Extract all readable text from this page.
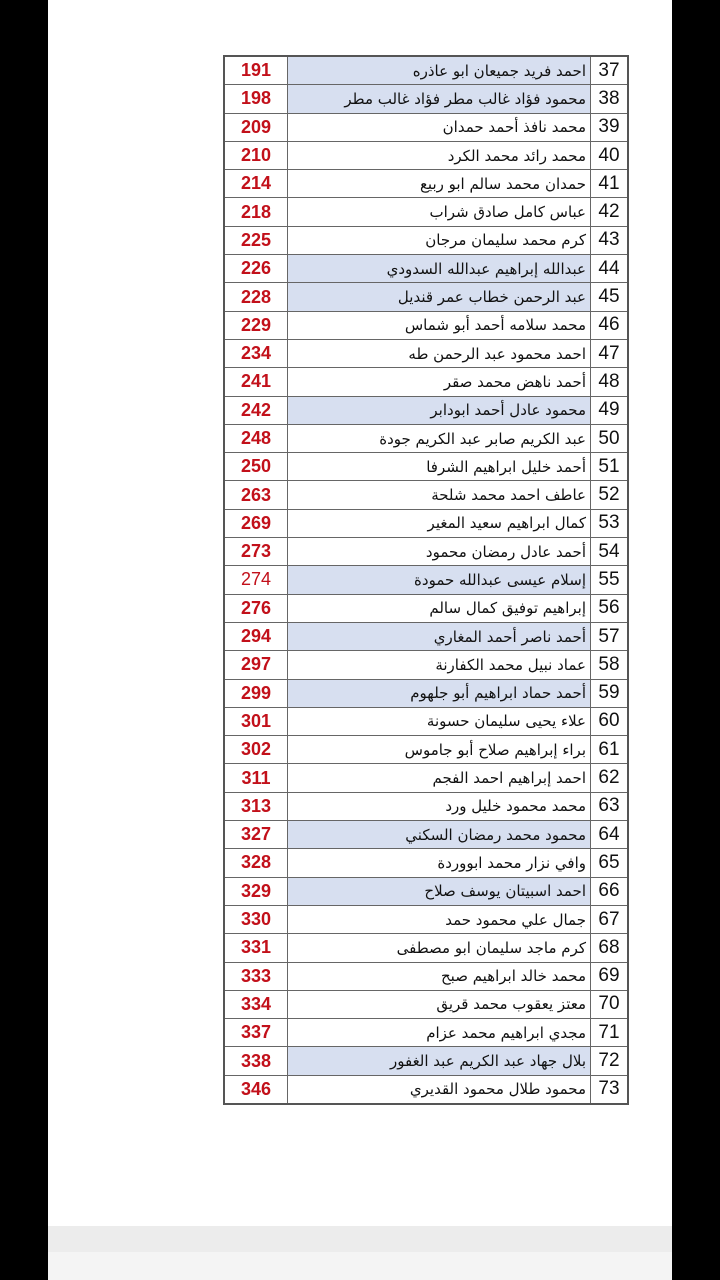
191	احمد فريد جميعان ابو عاذره	37
198	محمود فؤاد غالب مطر فؤاد غالب مطر	38
209	محمد نافذ أحمد حمدان	39
210	محمد رائد محمد الكرد	40
214	حمدان محمد سالم ابو ربيع	41
218	عباس كامل صادق شراب	42
225	كرم محمد سليمان مرجان	43
226	عبدالله إبراهيم عبدالله السدودي	44
228	عبد الرحمن خطاب عمر قنديل	45
229	محمد سلامه أحمد أبو شماس	46
234	احمد محمود عبد الرحمن طه	47
241	أحمد ناهض محمد صقر	48
242	محمود عادل أحمد ابودابر	49
248	عبد الكريم صابر عبد الكريم جودة	50
250	أحمد خليل ابراهيم الشرفا	51
263	عاطف احمد محمد شلحة	52
269	كمال ابراهيم سعيد المغير	53
273	أحمد عادل رمضان محمود	54
274	إسلام عيسى عبدالله حمودة	55
276	إبراهيم توفيق كمال سالم	56
294	أحمد ناصر أحمد المغاري	57
297	عماد نبيل محمد الكفارنة	58
299	أحمد حماد ابراهيم أبو جلهوم	59
301	علاء يحيى سليمان حسونة	60
302	براء إبراهيم صلاح أبو جاموس	61
311	احمد إبراهيم احمد الفجم	62
313	محمد محمود خليل ورد	63
327	محمود محمد رمضان السكني	64
328	وافي نزار محمد ابووردة	65
329	احمد اسبيتان يوسف صلاح	66
330	جمال علي محمود حمد	67
331	كرم ماجد سليمان ابو مصطفى	68
333	محمد خالد ابراهيم صبح	69
334	معتز يعقوب محمد قريق	70
337	مجدي ابراهيم محمد عزام	71
338	بلال جهاد عبد الكريم عبد الغفور	72
346	محمود طلال محمود القديري	73
